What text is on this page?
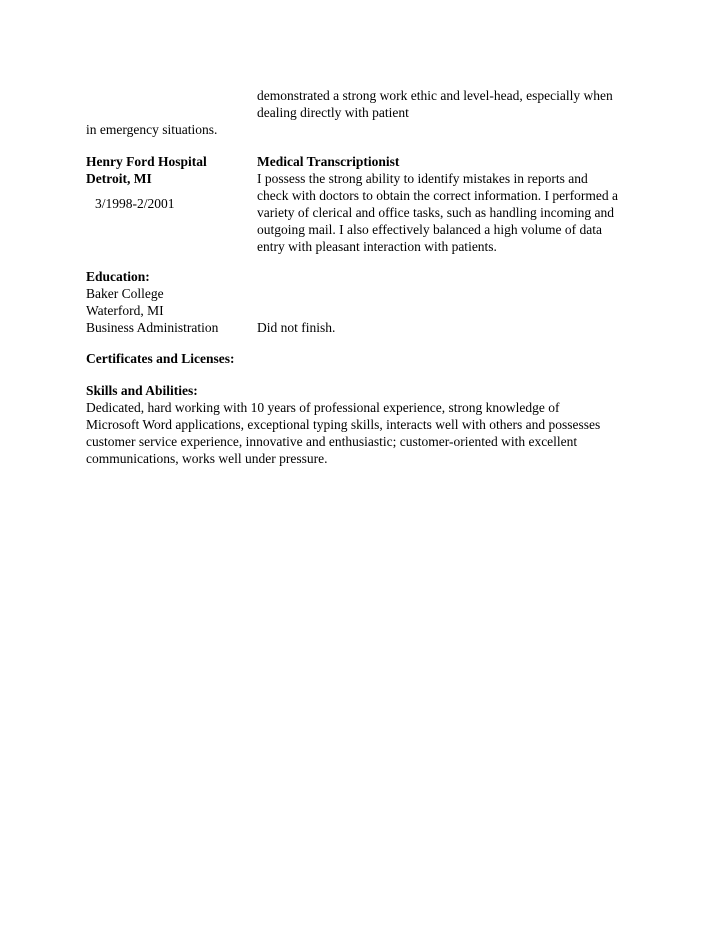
demonstrated a strong work ethic and level-head, especially when
dealing directly with patient
in emergency situations.
Henry Ford Hospital
Detroit, MI
3/1998-2/2001
Medical Transcriptionist
I possess the strong ability to identify mistakes in reports and
check with doctors to obtain the correct information. I performed a
variety of clerical and office tasks, such as handling incoming and
outgoing mail. I also effectively balanced a high volume of data
entry with pleasant interaction with patients.
Education:
Baker College
Waterford, MI
Business Administration	Did not finish.
Certificates and Licenses:
Skills and Abilities:
Dedicated, hard working with 10 years of professional experience, strong knowledge of
Microsoft Word applications, exceptional typing skills, interacts well with others and possesses
customer service experience, innovative and enthusiastic; customer-oriented with excellent
communications, works well under pressure.
